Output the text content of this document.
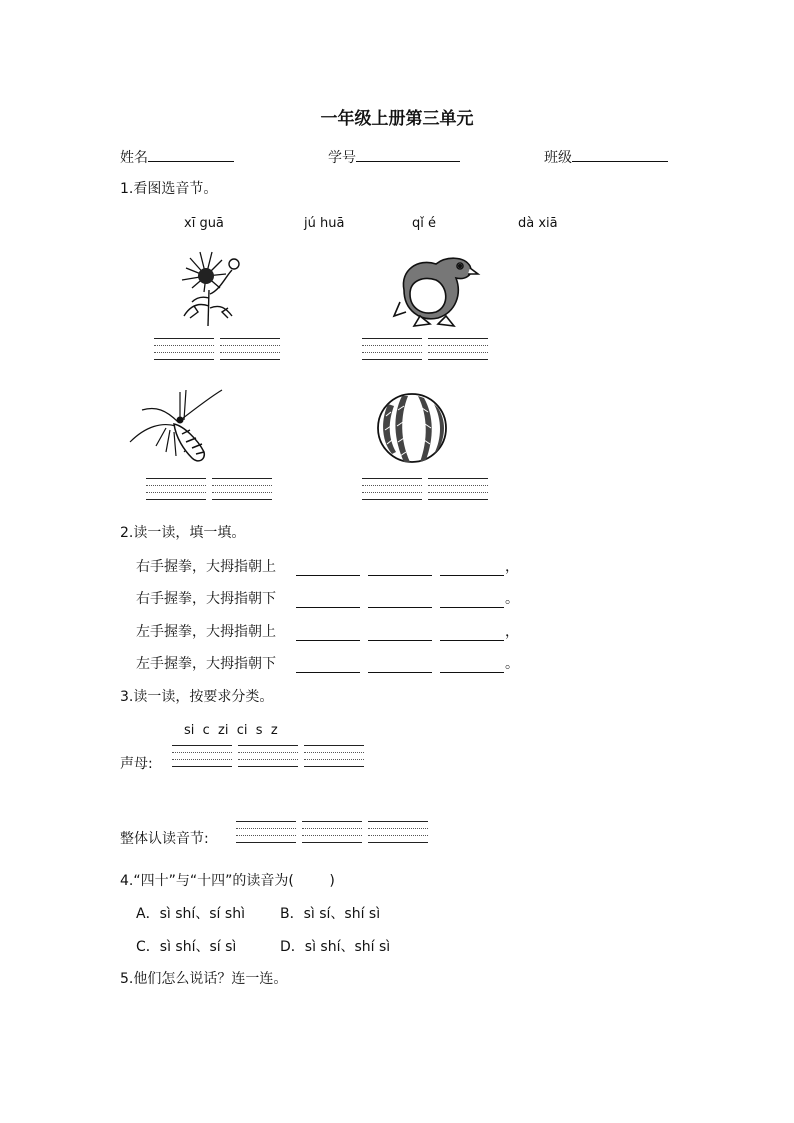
一年级上册第三单元
姓名	学号	班级
1.看图选音节。
xī guā	jú huā	qǐ é	dà xiā
2.读一读，填一填。
右手握拳，大拇指朝上	，
右手握拳，大拇指朝下	。
左手握拳，大拇指朝上	，
左手握拳，大拇指朝下	。
3.读一读，按要求分类。
si  c  zi  ci  s  z
声母:
整体认读音节:
4.“四十”与“十四”的读音为(        )
A．sì shí、sí shì	B．sì sí、shí sì
C．sì shí、sí sì	D．sì shí、shí sì
5.他们怎么说话？连一连。
